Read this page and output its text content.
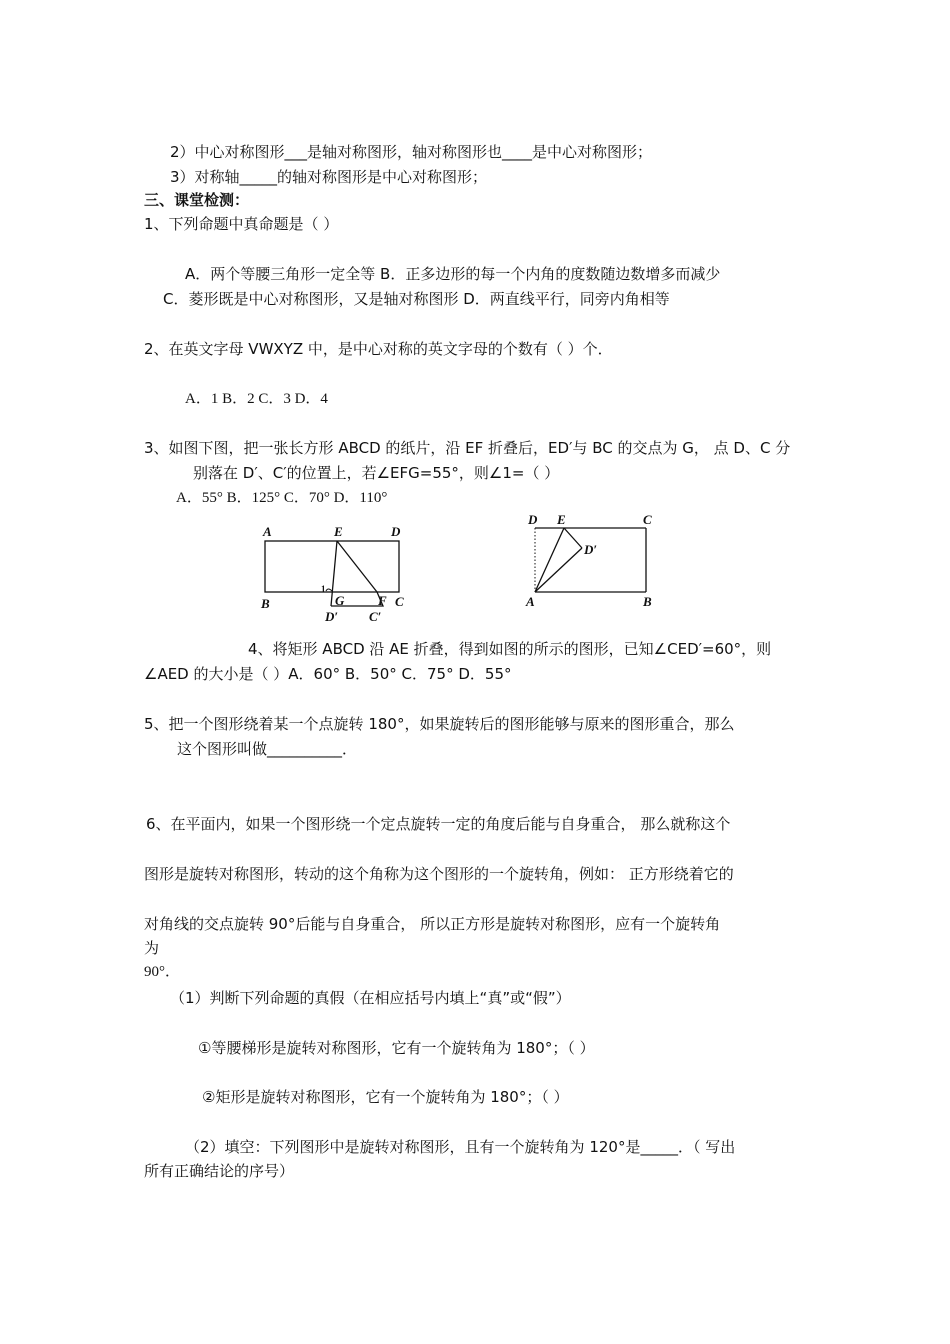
2）中心对称图形___是轴对称图形，轴对称图形也____是中心对称图形；
3）对称轴_____的轴对称图形是中心对称图形；
三、课堂检测：
1、下列命题中真命题是（ ）
A．两个等腰三角形一定全等 B．正多边形的每一个内角的度数随边数增多而减少
C．菱形既是中心对称图形，又是轴对称图形 D．两直线平行，同旁内角相等
2、在英文字母 VWXYZ 中，是中心对称的英文字母的个数有（ ）个．
A．1 B．2 C．3 D．4
3、如图下图，把一张长方形 ABCD 的纸片，沿 EF 折叠后，ED′与 BC 的交点为 G， 点 D、C 分
别落在 D′、C′的位置上，若∠EFG=55°，则∠1=（ ）
A．55° B．125° C．70° D．110°
A	E	D
B
1
G	F C
D′ C′
D E	C
D′
A	B
4、将矩形 ABCD 沿 AE 折叠，得到如图的所示的图形，已知∠CED′=60°，则
∠AED 的大小是（ ）A．60° B．50° C．75° D．55°
5、把一个图形绕着某一个点旋转 180°，如果旋转后的图形能够与原来的图形重合，那么
这个图形叫做__________．
6、在平面内，如果一个图形绕一个定点旋转一定的角度后能与自身重合， 那么就称这个
图形是旋转对称图形，转动的这个角称为这个图形的一个旋转角，例如： 正方形绕着它的
对角线的交点旋转 90°后能与自身重合， 所以正方形是旋转对称图形，应有一个旋转角
为
90°．
（1）判断下列命题的真假（在相应括号内填上“真”或“假”）
①等腰梯形是旋转对称图形，它有一个旋转角为 180°；（ ）
②矩形是旋转对称图形，它有一个旋转角为 180°；（ ）
（2）填空：下列图形中是旋转对称图形，且有一个旋转角为 120°是_____．（ 写出
所有正确结论的序号）
